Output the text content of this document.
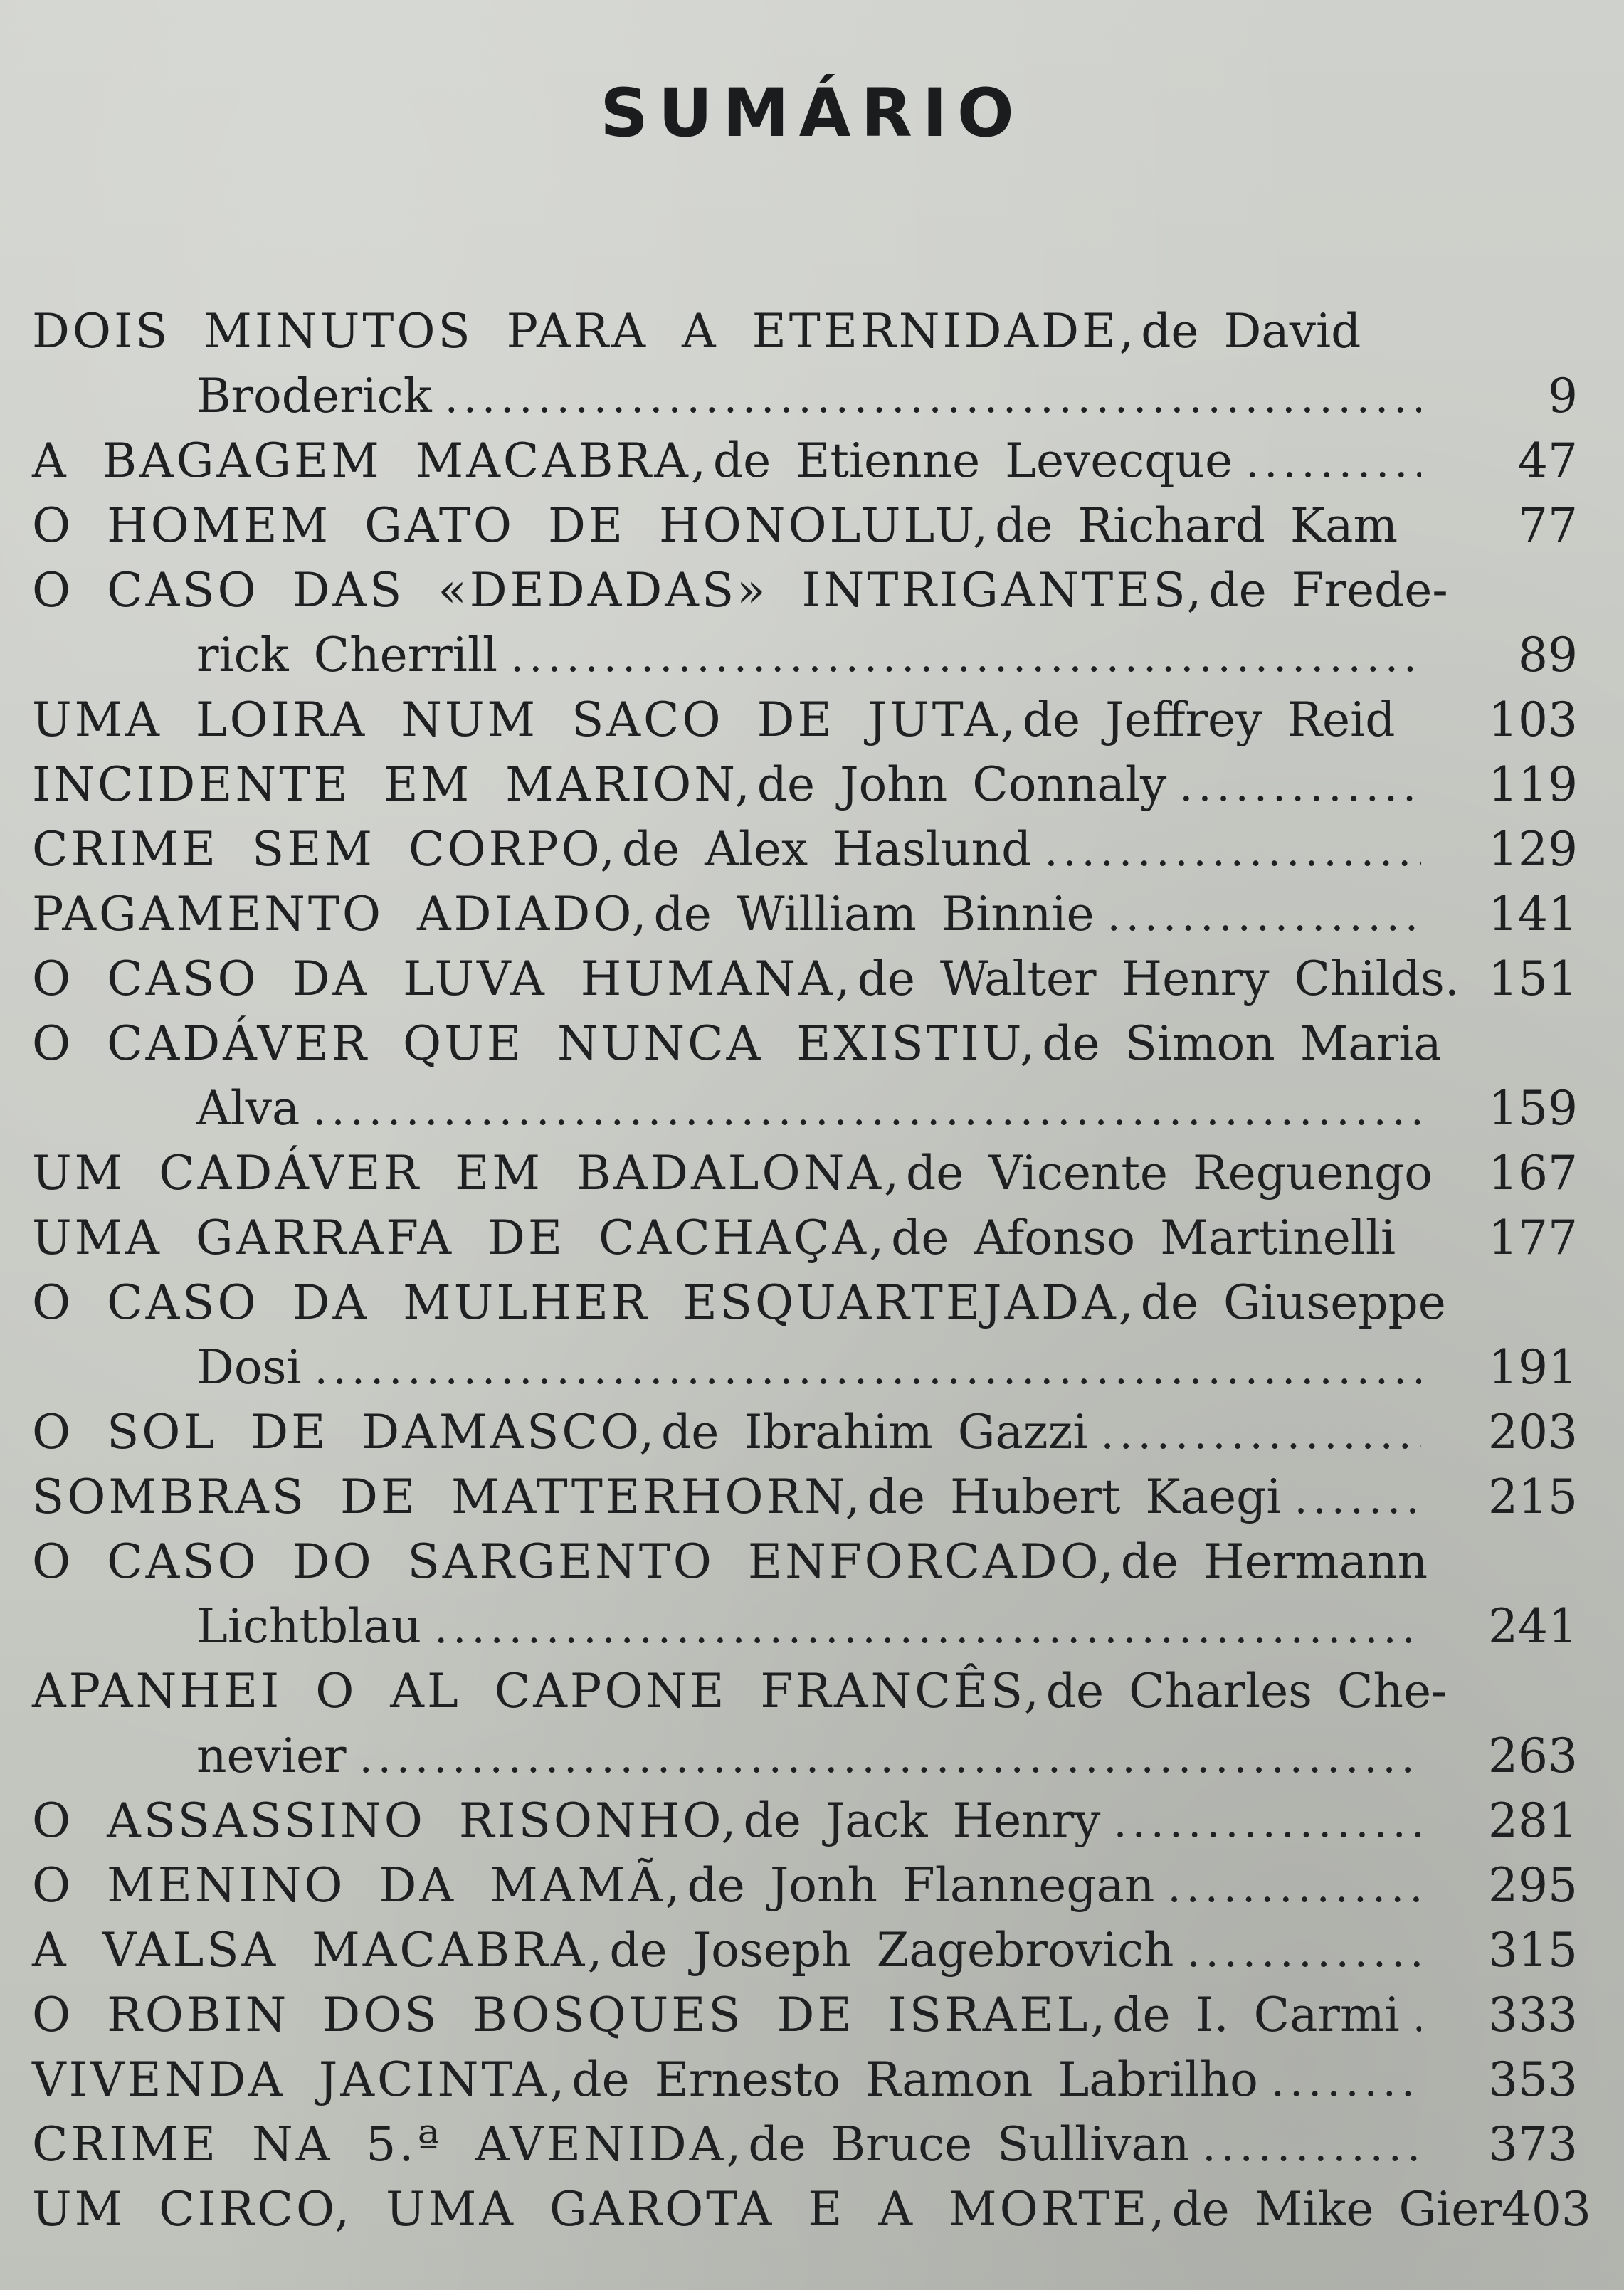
SUMÁRIO
DOIS MINUTOS PARA A ETERNIDADE, de David
Broderick . . .	9
A BAGAGEM MACABRA, de Etienne Levecque . . .	47
O HOMEM GATO DE HONOLULU, de Richard Kam	77
O CASO DAS «DEDADAS» INTRIGANTES, de Frede-
rick Cherrill . . .	89
UMA LOIRA NUM SACO DE JUTA, de Jeffrey Reid	103
INCIDENTE EM MARION, de John Connaly . . .	119
CRIME SEM CORPO, de Alex Haslund . . .	129
PAGAMENTO ADIADO, de William Binnie . . .	141
O CASO DA LUVA HUMANA, de Walter Henry Childs. 151
O CADÁVER QUE NUNCA EXISTIU, de Simon Maria
Alva . . .	159
UM CADÁVER EM BADALONA, de Vicente Reguengo	167
UMA GARRAFA DE CACHAÇA, de Afonso Martinelli	177
O CASO DA MULHER ESQUARTEJADA, de Giuseppe
Dosi . . .	191
O SOL DE DAMASCO, de Ibrahim Gazzi . . .	203
SOMBRAS DE MATTERHORN, de Hubert Kaegi . . .	215
O CASO DO SARGENTO ENFORCADO, de Hermann
Lichtblau . . .	241
APANHEI O AL CAPONE FRANCÊS, de Charles Che-
nevier . . .	263
O ASSASSINO RISONHO, de Jack Henry . . .	281
O MENINO DA MAMÃ, de Jonh Flannegan . . .	295
A VALSA MACABRA, de Joseph Zagebrovich . . .	315
O ROBIN DOS BOSQUES DE ISRAEL, de I. Carmi . . .	333
VIVENDA JACINTA, de Ernesto Ramon Labrilho . . .	353
CRIME NA 5.ª AVENIDA, de Bruce Sullivan . . .	373
UM CIRCO, UMA GAROTA E A MORTE, de Mike Gier 403
